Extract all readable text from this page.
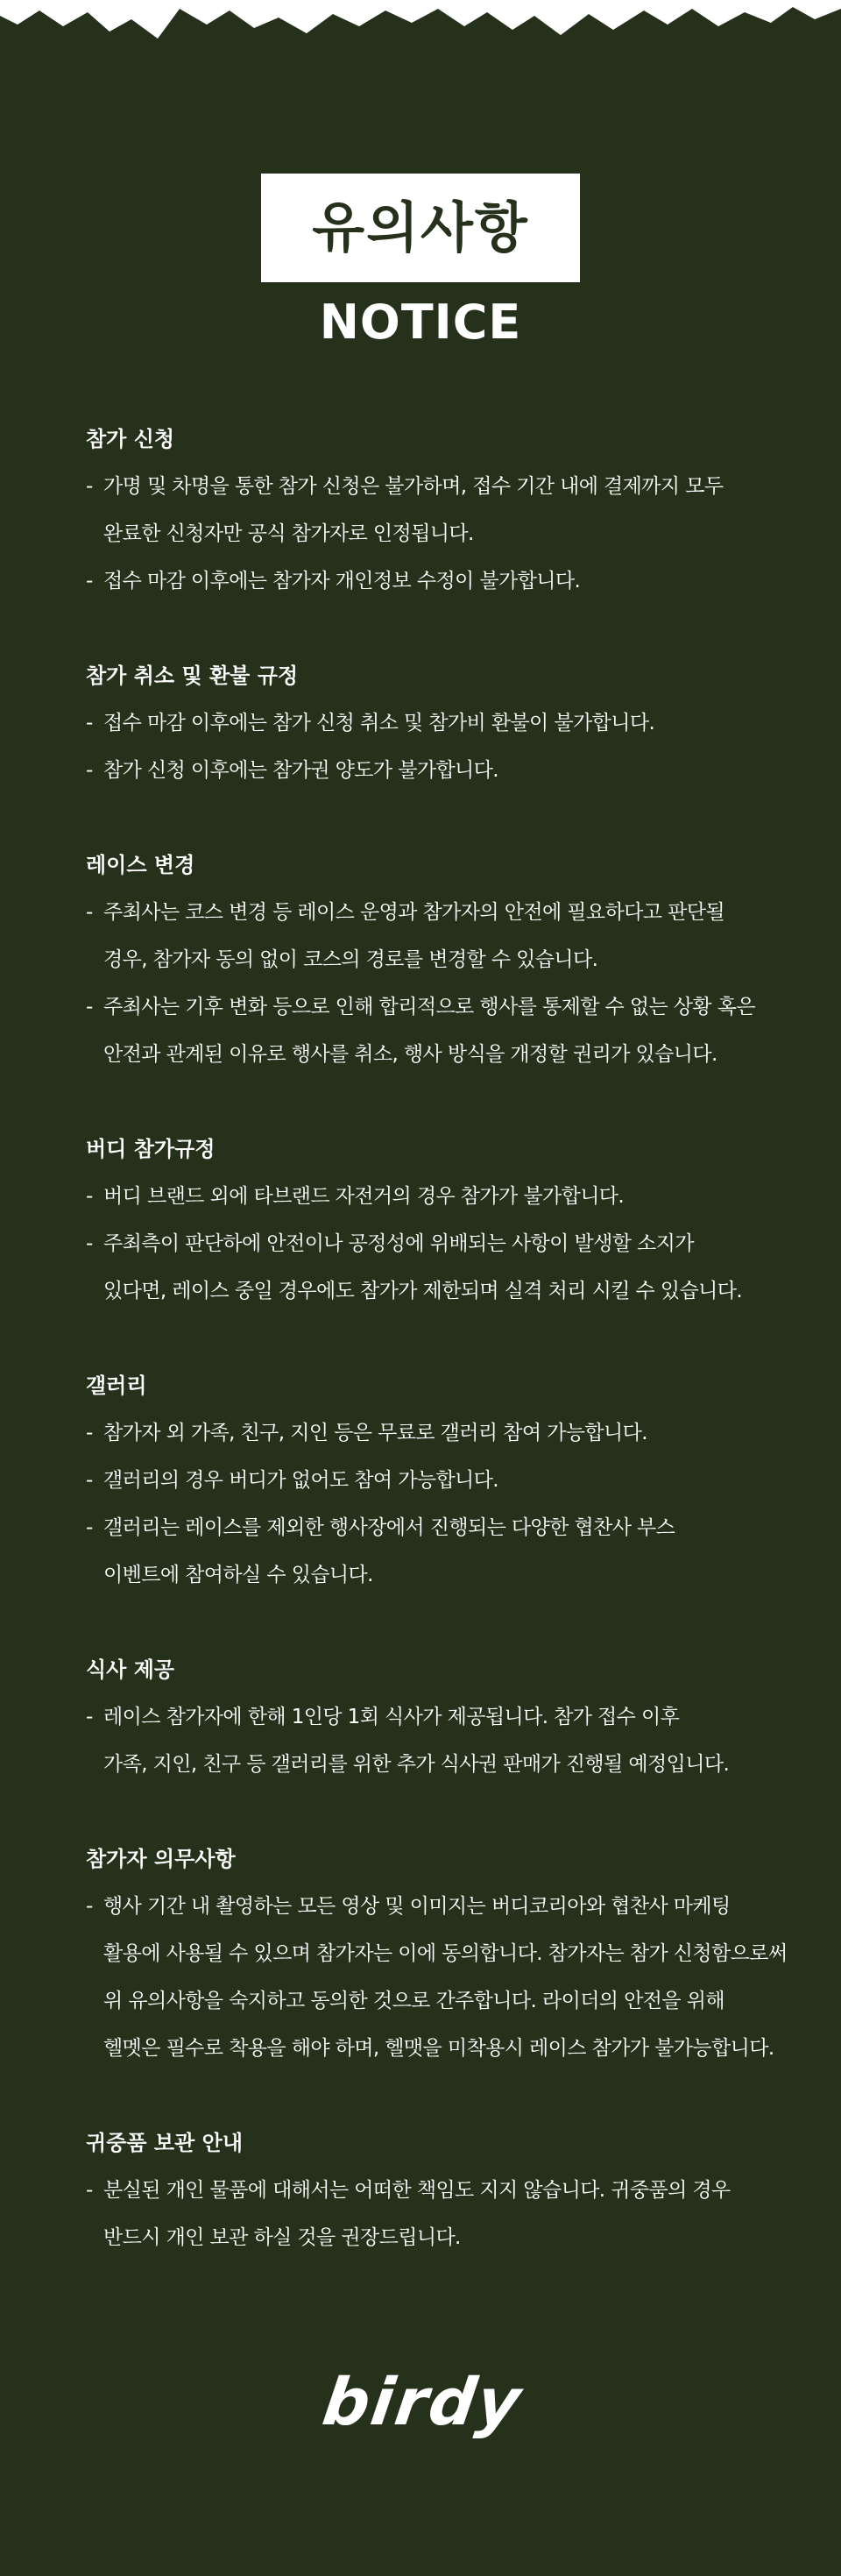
유의사항
NOTICE
참가 신청
- 가명 및 차명을 통한 참가 신청은 불가하며, 접수 기간 내에 결제까지 모두
완료한 신청자만 공식 참가자로 인정됩니다.
- 접수 마감 이후에는 참가자 개인정보 수정이 불가합니다.
참가 취소 및 환불 규정
- 접수 마감 이후에는 참가 신청 취소 및 참가비 환불이 불가합니다.
- 참가 신청 이후에는 참가권 양도가 불가합니다.
레이스 변경
- 주최사는 코스 변경 등 레이스 운영과 참가자의 안전에 필요하다고 판단될
경우, 참가자 동의 없이 코스의 경로를 변경할 수 있습니다.
- 주최사는 기후 변화 등으로 인해 합리적으로 행사를 통제할 수 없는 상황 혹은
안전과 관계된 이유로 행사를 취소, 행사 방식을 개정할 권리가 있습니다.
버디 참가규정
- 버디 브랜드 외에 타브랜드 자전거의 경우 참가가 불가합니다.
- 주최측이 판단하에 안전이나 공정성에 위배되는 사항이 발생할 소지가
있다면, 레이스 중일 경우에도 참가가 제한되며 실격 처리 시킬 수 있습니다.
갤러리
- 참가자 외 가족, 친구, 지인 등은 무료로 갤러리 참여 가능합니다.
- 갤러리의 경우 버디가 없어도 참여 가능합니다.
- 갤러리는 레이스를 제외한 행사장에서 진행되는 다양한 협찬사 부스
이벤트에 참여하실 수 있습니다.
식사 제공
- 레이스 참가자에 한해 1인당 1회 식사가 제공됩니다. 참가 접수 이후
가족, 지인, 친구 등 갤러리를 위한 추가 식사권 판매가 진행될 예정입니다.
참가자 의무사항
- 행사 기간 내 촬영하는 모든 영상 및 이미지는 버디코리아와 협찬사 마케팅
활용에 사용될 수 있으며 참가자는 이에 동의합니다. 참가자는 참가 신청함으로써
위 유의사항을 숙지하고 동의한 것으로 간주합니다. 라이더의 안전을 위해
헬멧은 필수로 착용을 해야 하며, 헬맷을 미착용시 레이스 참가가 불가능합니다.
귀중품 보관 안내
- 분실된 개인 물품에 대해서는 어떠한 책임도 지지 않습니다. 귀중품의 경우
반드시 개인 보관 하실 것을 권장드립니다.
birdy
